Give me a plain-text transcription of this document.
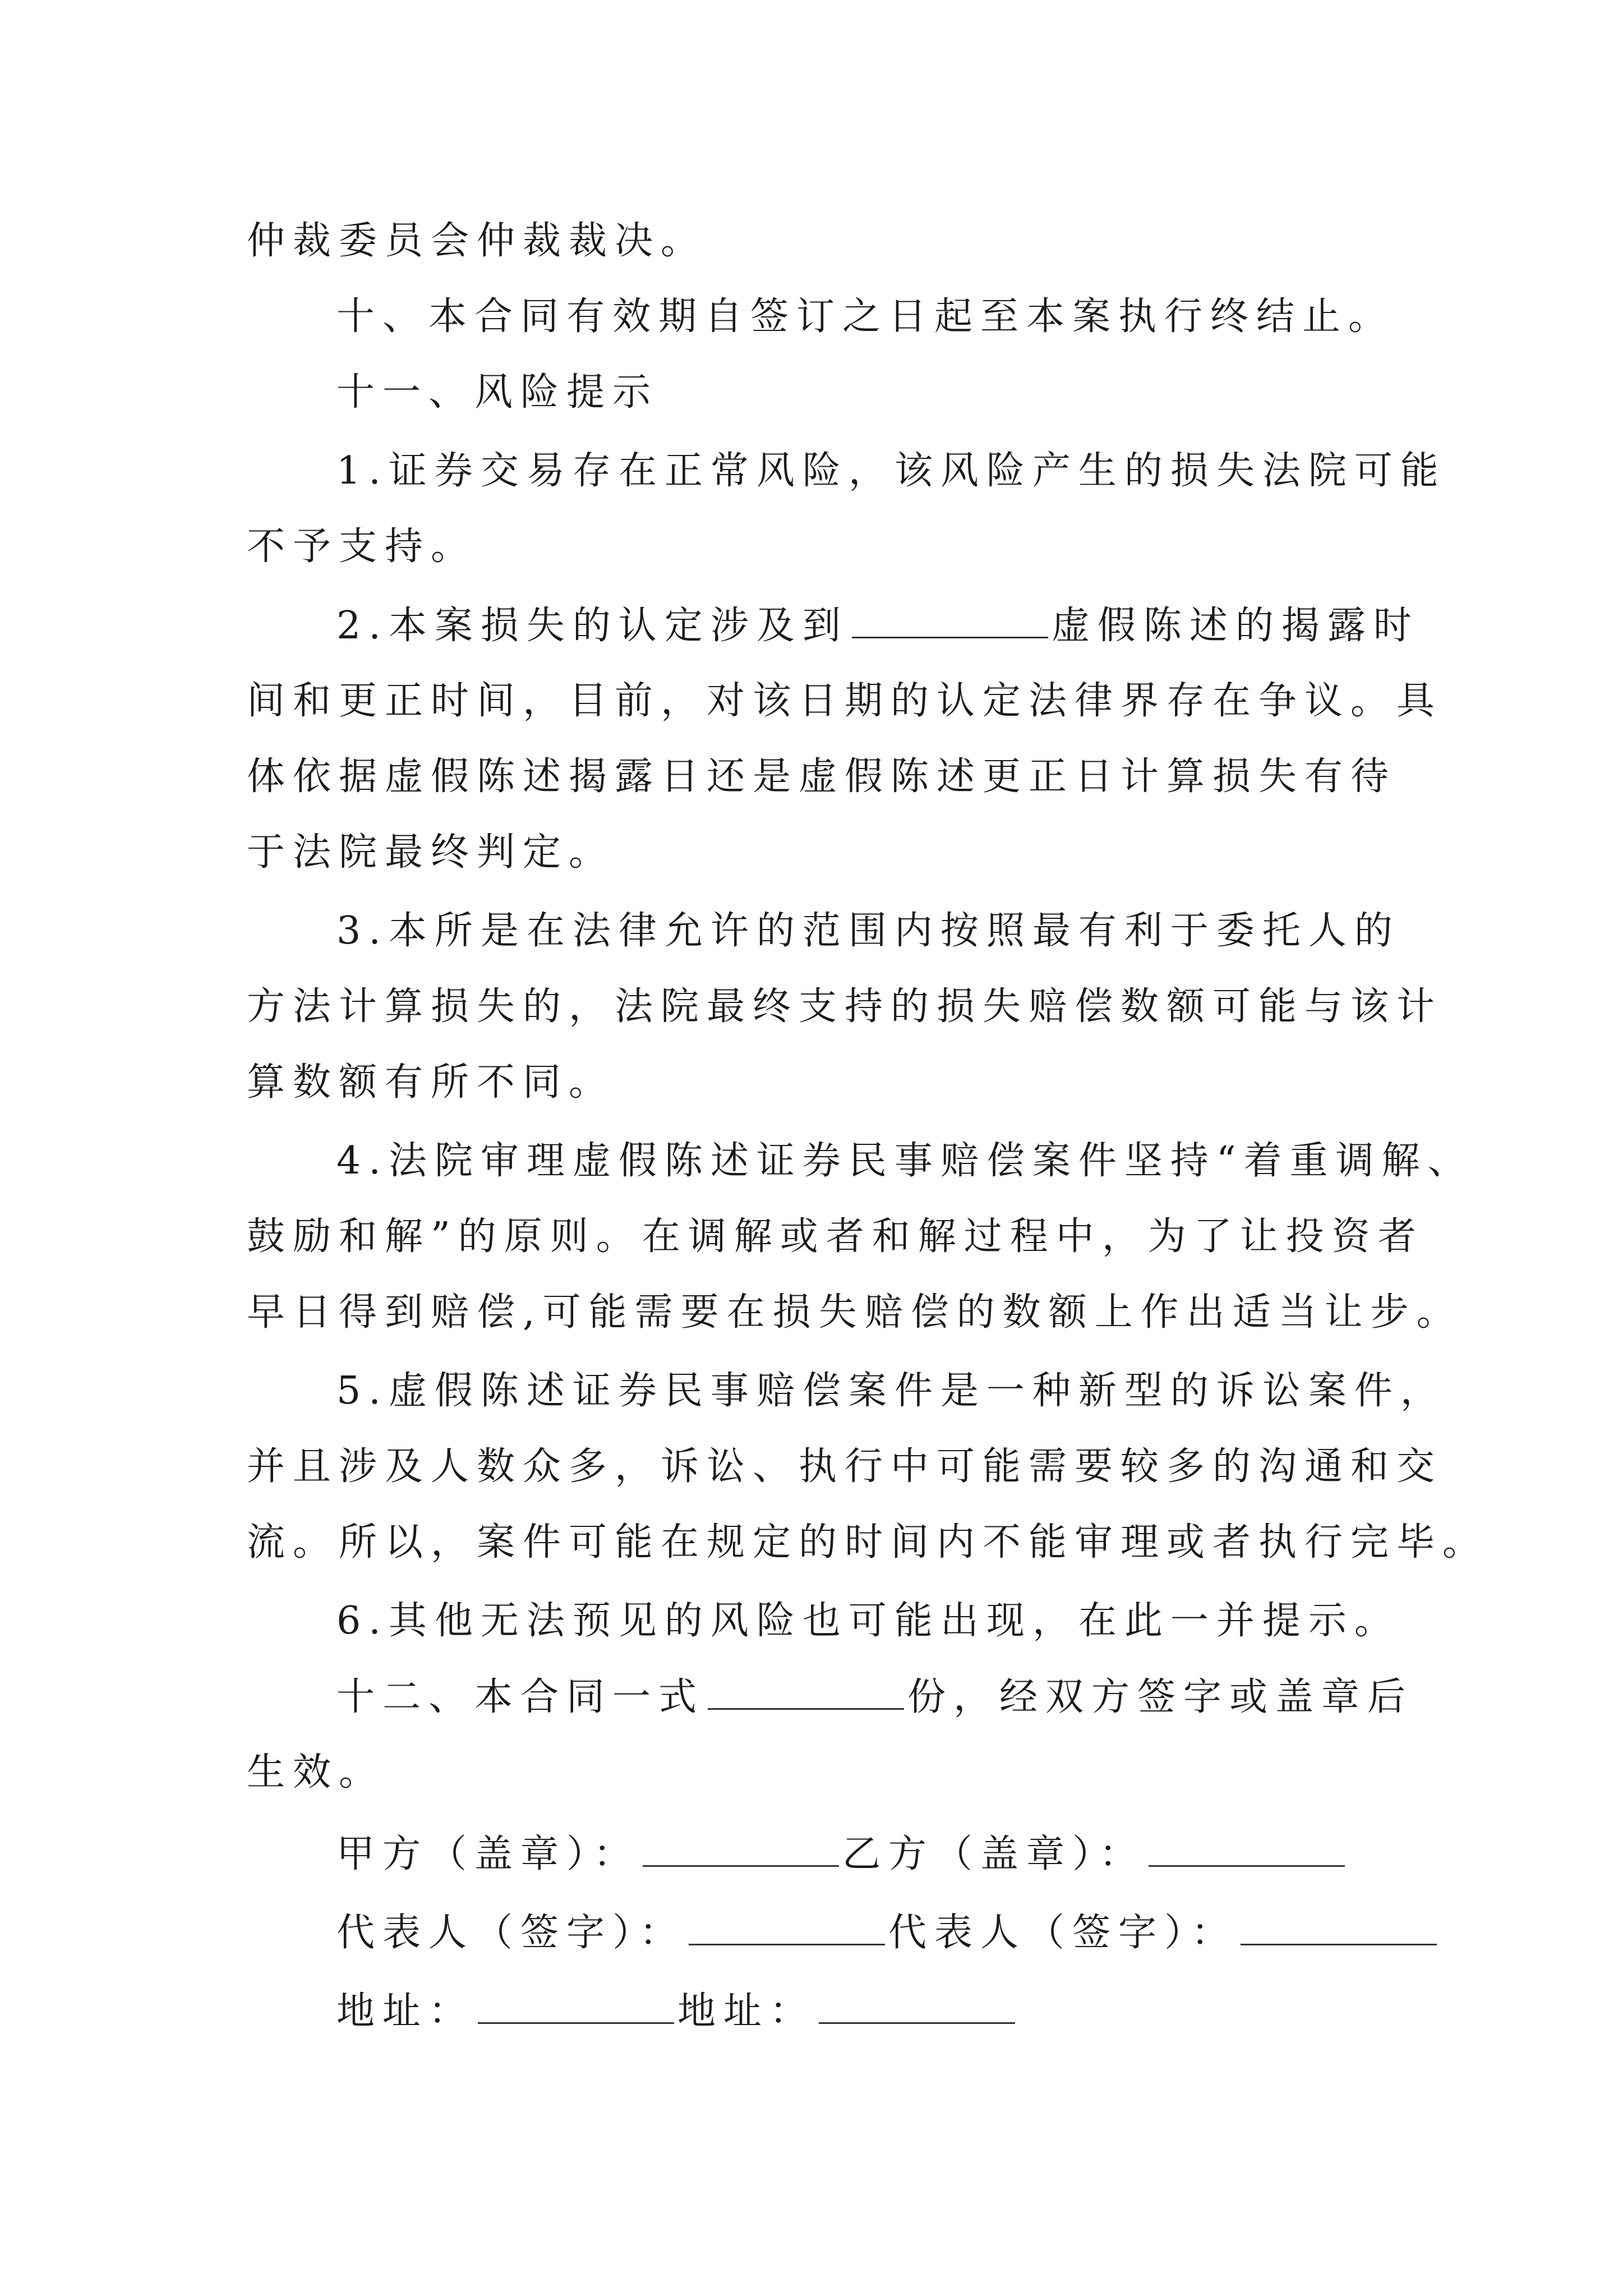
仲裁委员会仲裁裁决。
十、本合同有效期自签订之日起至本案执行终结止。
十一、风险提示
1.证券交易存在正常风险，该风险产生的损失法院可能
不予支持。
2.本案损失的认定涉及到	虚假陈述的揭露时
间和更正时间，目前，对该日期的认定法律界存在争议。具
体依据虚假陈述揭露日还是虚假陈述更正日计算损失有待
于法院最终判定。
3.本所是在法律允许的范围内按照最有利于委托人的
方法计算损失的，法院最终支持的损失赔偿数额可能与该计
算数额有所不同。
4.法院审理虚假陈述证券民事赔偿案件坚持“着重调解、
鼓励和解”的原则。在调解或者和解过程中，为了让投资者
早日得到赔偿,可能需要在损失赔偿的数额上作出适当让步。
5.虚假陈述证券民事赔偿案件是一种新型的诉讼案件，
并且涉及人数众多，诉讼、执行中可能需要较多的沟通和交
流。所以，案件可能在规定的时间内不能审理或者执行完毕。
6.其他无法预见的风险也可能出现，在此一并提示。
十二、本合同一式	份，经双方签字或盖章后
生效。
甲方（盖章）：	乙方（盖章）：
代表人（签字）：	代表人（签字）：
地址：	地址：
